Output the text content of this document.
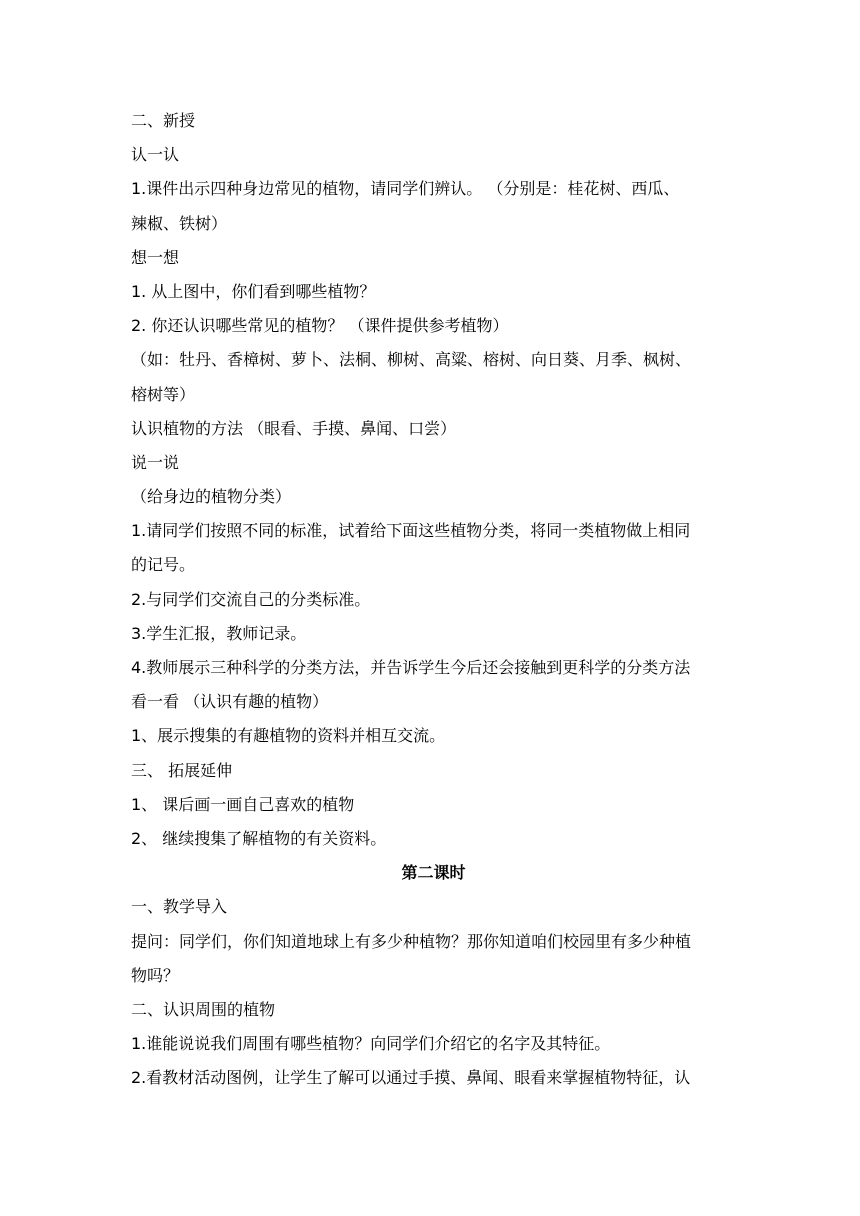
二、新授
认一认
1.课件出示四种身边常见的植物，请同学们辨认。 （分别是：桂花树、西瓜、
辣椒、铁树）
想一想
1. 从上图中，你们看到哪些植物？
2. 你还认识哪些常见的植物？ （课件提供参考植物）
（如：牡丹、香樟树、萝卜、法桐、柳树、高粱、榕树、向日葵、月季、枫树、
榕树等）
认识植物的方法 （眼看、手摸、鼻闻、口尝）
说一说
（给身边的植物分类）
1.请同学们按照不同的标准，试着给下面这些植物分类，将同一类植物做上相同
的记号。
2.与同学们交流自己的分类标准。
3.学生汇报，教师记录。
4.教师展示三种科学的分类方法，并告诉学生今后还会接触到更科学的分类方法
看一看 （认识有趣的植物）
1、展示搜集的有趣植物的资料并相互交流。
三、 拓展延伸
1、 课后画一画自己喜欢的植物
2、 继续搜集了解植物的有关资料。
第二课时
一、教学导入
提问：同学们，你们知道地球上有多少种植物？那你知道咱们校园里有多少种植
物吗？
二、认识周围的植物
1.谁能说说我们周围有哪些植物？向同学们介绍它的名字及其特征。
2.看教材活动图例，让学生了解可以通过手摸、鼻闻、眼看来掌握植物特征，认
